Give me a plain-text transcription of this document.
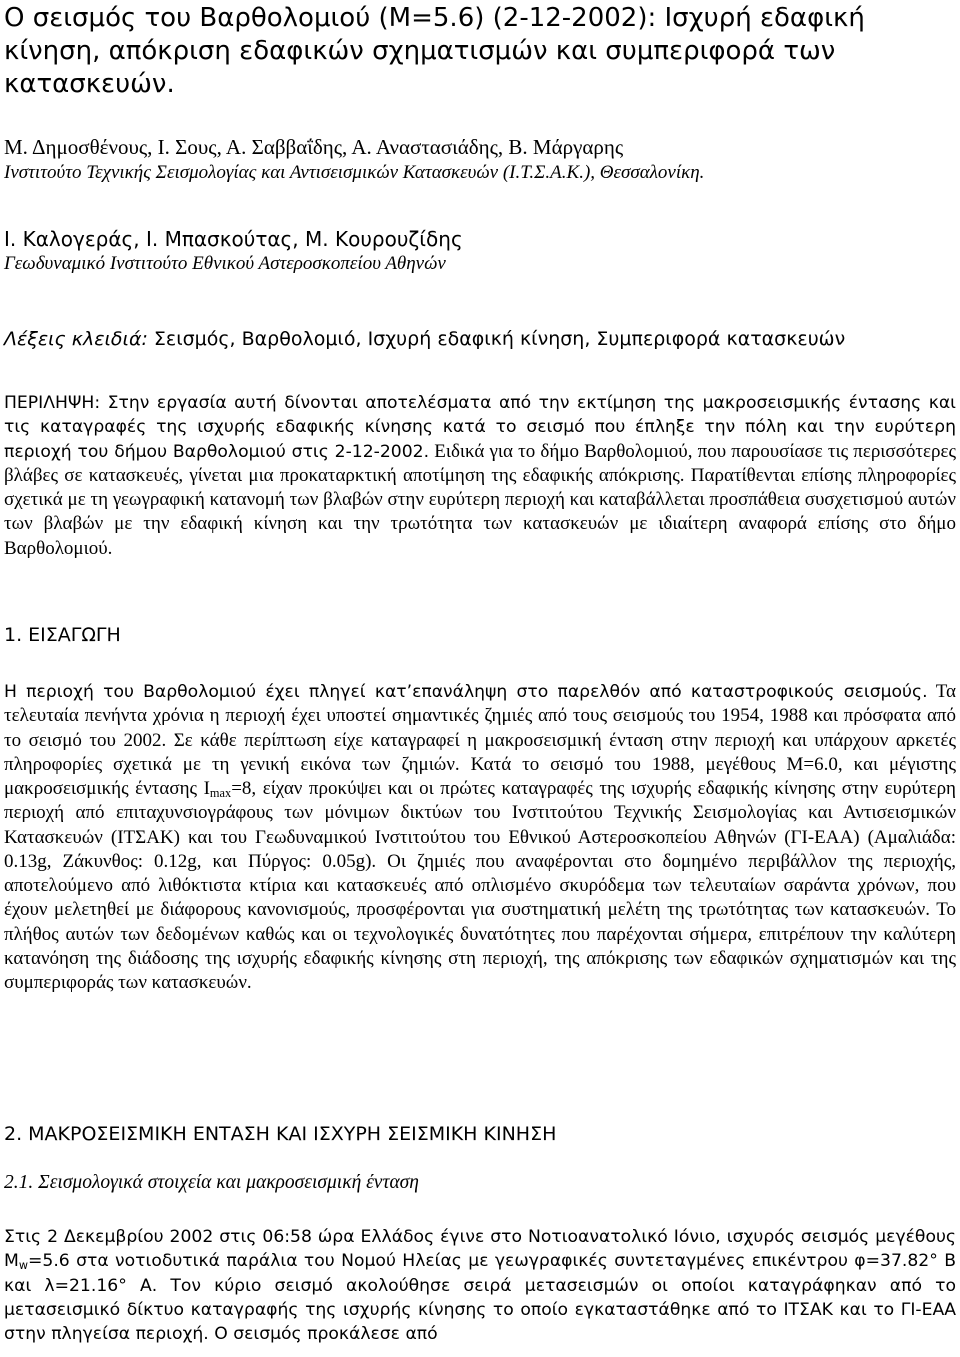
Ο σεισμός του Βαρθολομιού (Μ=5.6) (2-12-2002): Ισχυρή εδαφική κίνηση, απόκριση εδαφικών σχηματισμών και συμπεριφορά των κατασκευών.
Μ. Δημοσθένους, Ι. Σους, Α. Σαββαΐδης, Α. Αναστασιάδης, Β. Μάργαρης
Ινστιτούτο Τεχνικής Σεισμολογίας και Αντισεισμικών Κατασκευών (Ι.Τ.Σ.Α.Κ.), Θεσσαλονίκη.
Ι. Καλογεράς, Ι. Μπασκούτας, Μ. Κουρουζίδης
Γεωδυναμικό Ινστιτούτο Εθνικού Αστεροσκοπείου Αθηνών
Λέξεις κλειδιά: Σεισμός, Βαρθολομιό, Ισχυρή εδαφική κίνηση, Συμπεριφορά κατασκευών
ΠΕΡΙΛΗΨΗ: Στην εργασία αυτή δίνονται αποτελέσματα από την εκτίμηση της μακροσεισμικής έντασης και τις καταγραφές της ισχυρής εδαφικής κίνησης κατά το σεισμό που έπληξε την πόλη και την ευρύτερη περιοχή του δήμου Βαρθολομιού στις 2-12-2002. Ειδικά για το δήμο Βαρθολομιού, που παρουσίασε τις περισσότερες βλάβες σε κατασκευές, γίνεται μια προκαταρκτική αποτίμηση της εδαφικής απόκρισης. Παρατίθενται επίσης πληροφορίες σχετικά με τη γεωγραφική κατανομή των βλαβών στην ευρύτερη περιοχή και καταβάλλεται προσπάθεια συσχετισμού αυτών των βλαβών με την εδαφική κίνηση και την τρωτότητα των κατασκευών με ιδιαίτερη αναφορά επίσης στο δήμο Βαρθολομιού.
1. ΕΙΣΑΓΩΓΗ
Η περιοχή του Βαρθολομιού έχει πληγεί κατ’επανάληψη στο παρελθόν από καταστροφικούς σεισμούς. Τα τελευταία πενήντα χρόνια η περιοχή έχει υποστεί σημαντικές ζημιές από τους σεισμούς του 1954, 1988 και πρόσφατα από το σεισμό του 2002. Σε κάθε περίπτωση είχε καταγραφεί η μακροσεισμική ένταση στην περιοχή και υπάρχουν αρκετές πληροφορίες σχετικά με τη γενική εικόνα των ζημιών. Κατά το σεισμό του 1988, μεγέθους Μ=6.0, και μέγιστης μακροσεισμικής έντασης $I_{max}=8$, είχαν προκύψει και οι πρώτες καταγραφές της ισχυρής εδαφικής κίνησης στην ευρύτερη περιοχή από επιταχυνσιογράφους των μόνιμων δικτύων του Ινστιτούτου Τεχνικής Σεισμολογίας και Αντισεισμικών Κατασκευών (ΙΤΣΑΚ) και του Γεωδυναμικού Ινστιτούτου του Εθνικού Αστεροσκοπείου Αθηνών (ΓΙ-ΕΑΑ) (Αμαλιάδα: 0.13g, Ζάκυνθος: 0.12g, και Πύργος: 0.05g). Οι ζημιές που αναφέρονται στο δομημένο περιβάλλον της περιοχής, αποτελούμενο από λιθόκτιστα κτίρια και κατασκευές από οπλισμένο σκυρόδεμα των τελευταίων σαράντα χρόνων, που έχουν μελετηθεί με διάφορους κανονισμούς, προσφέρονται για συστηματική μελέτη της τρωτότητας των κατασκευών. Το πλήθος αυτών των δεδομένων καθώς και οι τεχνολογικές δυνατότητες που παρέχονται σήμερα, επιτρέπουν την καλύτερη κατανόηση της διάδοσης της ισχυρής εδαφικής κίνησης στη περιοχή, της απόκρισης των εδαφικών σχηματισμών και της συμπεριφοράς των κατασκευών.
2. ΜΑΚΡΟΣΕΙΣΜΙΚΗ ΕΝΤΑΣΗ ΚΑΙ ΙΣΧΥΡΗ ΣΕΙΣΜΙΚΗ ΚΙΝΗΣΗ
2.1. Σεισμολογικά στοιχεία και μακροσεισμική ένταση
Στις 2 Δεκεμβρίου 2002 στις 06:58 ώρα Ελλάδος έγινε στο Νοτιοανατολικό Ιόνιο, ισχυρός σεισμός μεγέθους $M_w=5.6$ στα νοτιοδυτικά παράλια του Νομού Ηλείας με γεωγραφικές συντεταγμένες επικέντρου φ=37.82° Β και λ=21.16° Α. Τον κύριο σεισμό ακολούθησε σειρά μετασεισμών οι οποίοι καταγράφηκαν από το μετασεισμικό δίκτυο καταγραφής της ισχυρής κίνησης το οποίο εγκαταστάθηκε από το ΙΤΣΑΚ και το ΓΙ-ΕΑΑ στην πληγείσα περιοχή. Ο σεισμός προκάλεσε από
